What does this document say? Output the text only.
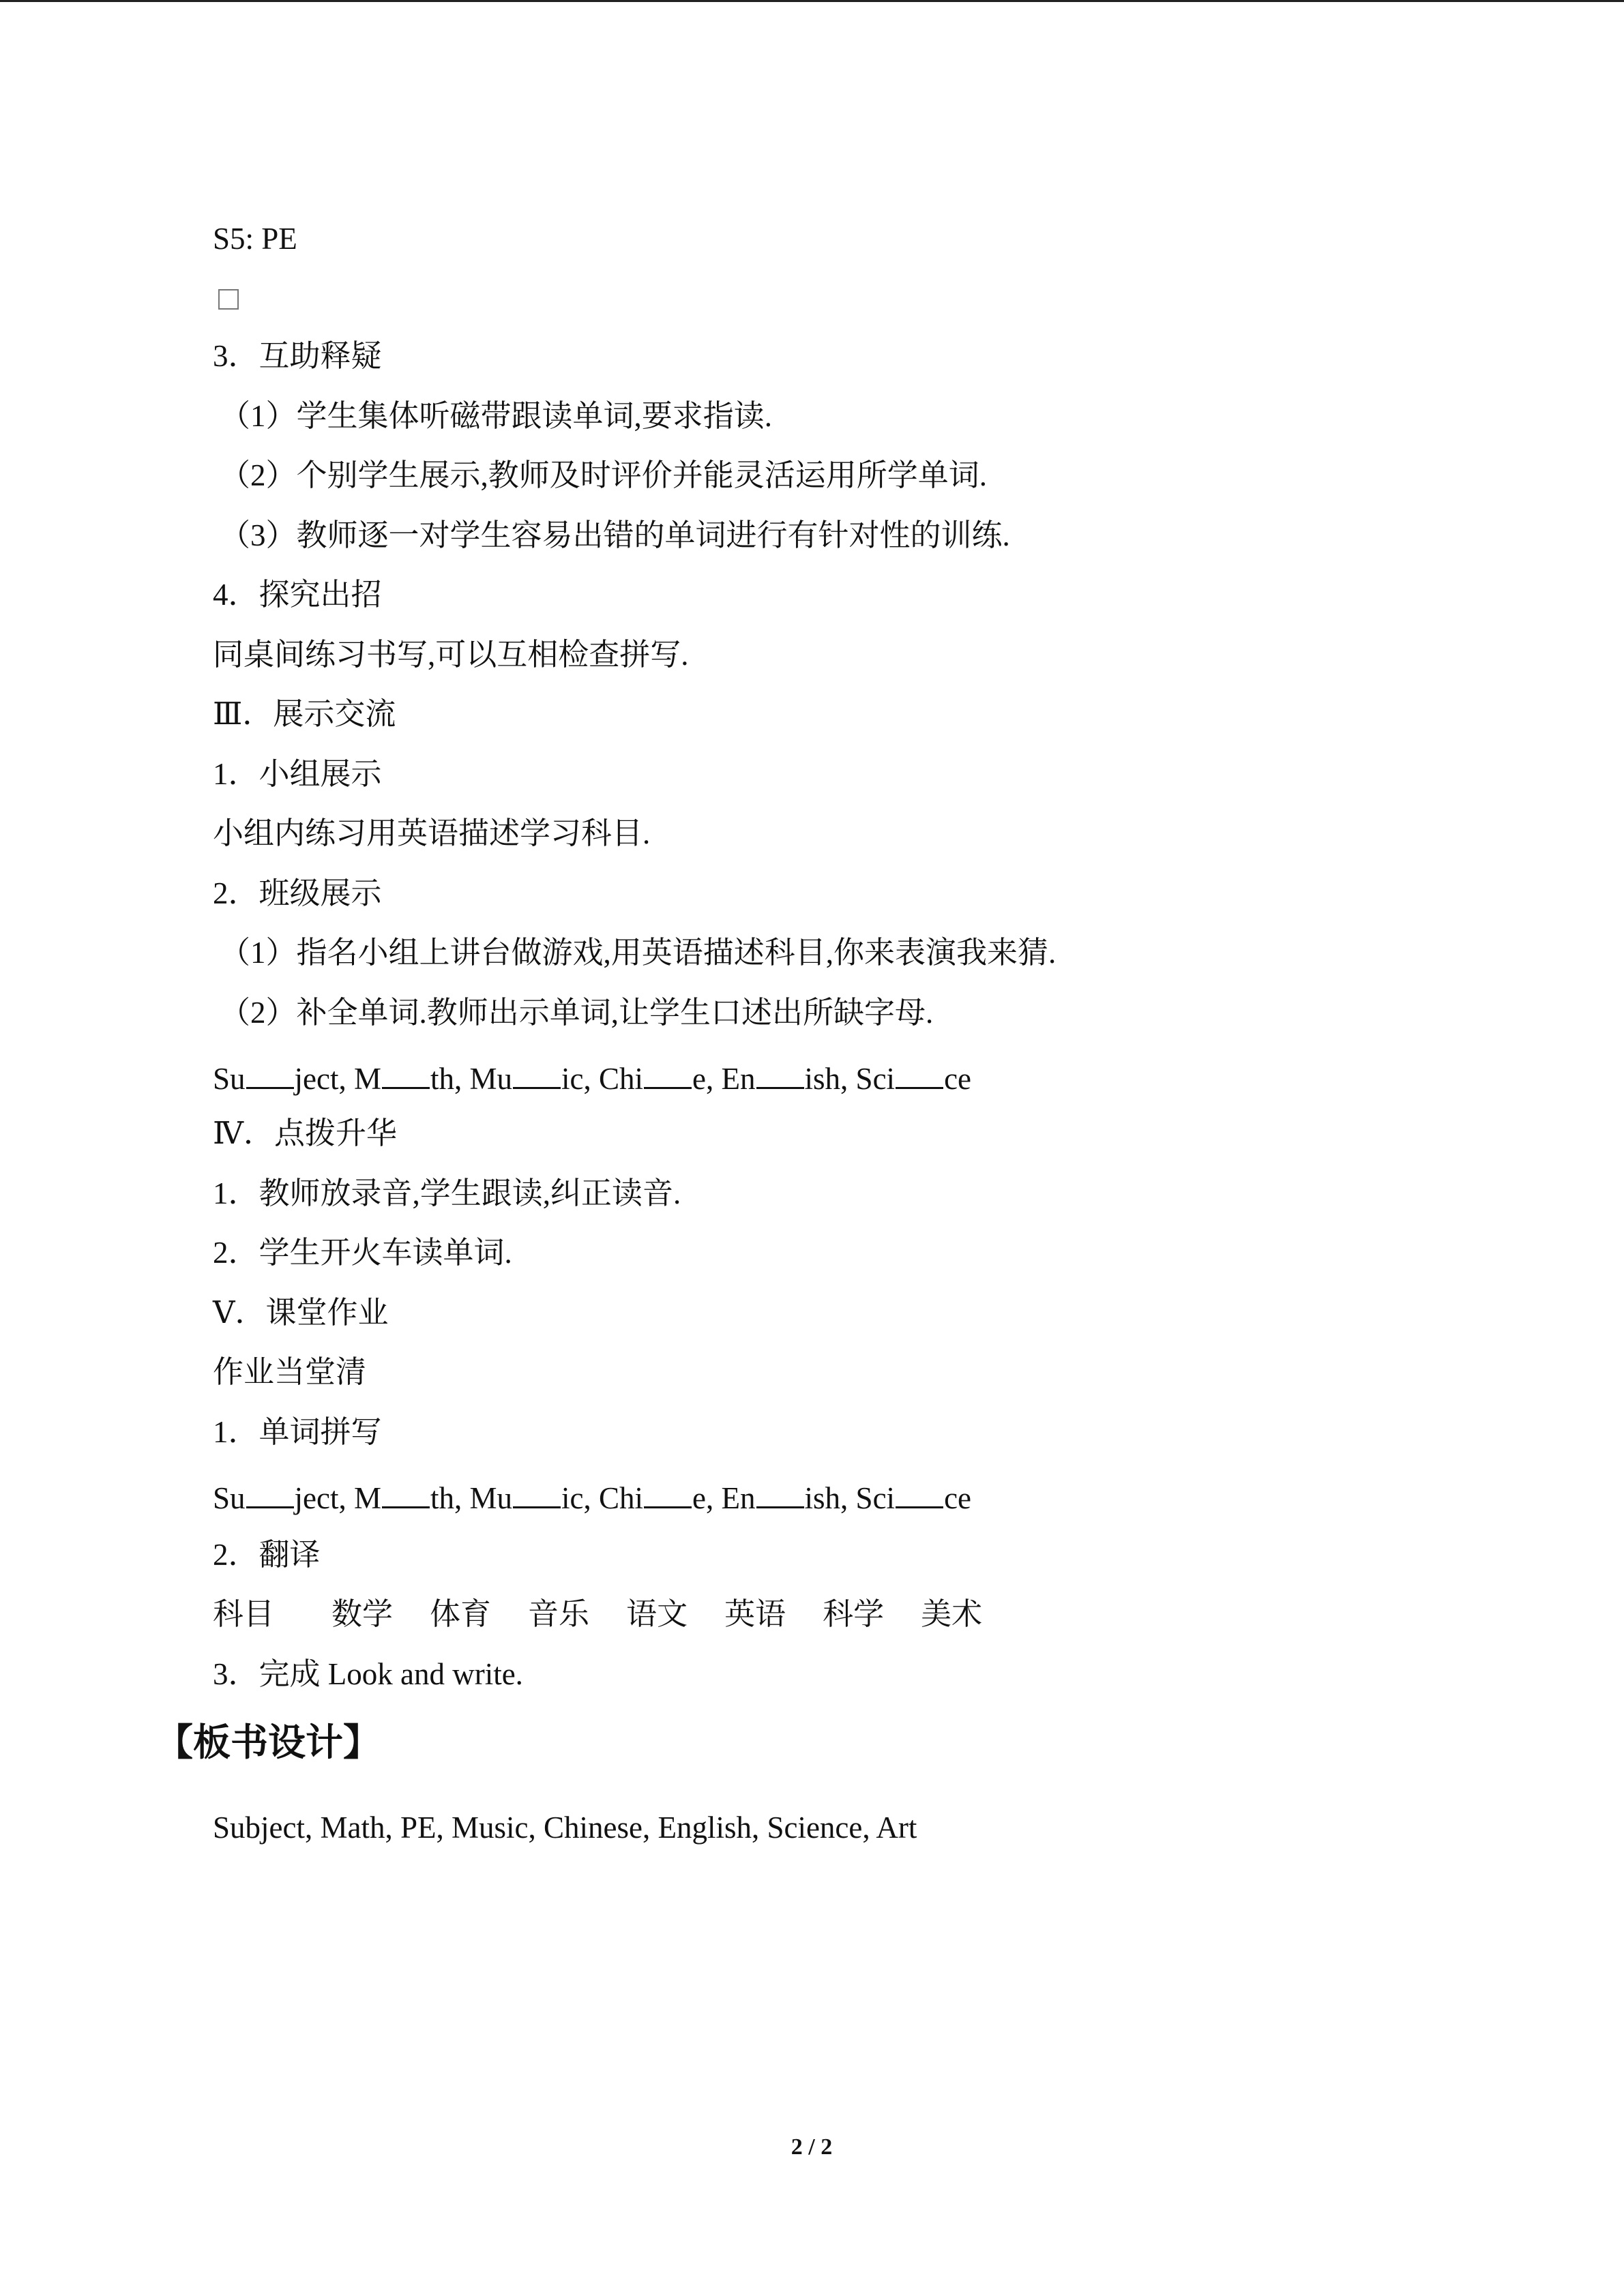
S5: PE
3．互助释疑
（1）学生集体听磁带跟读单词,要求指读.
（2）个别学生展示,教师及时评价并能灵活运用所学单词.
（3）教师逐一对学生容易出错的单词进行有针对性的训练.
4．探究出招
同桌间练习书写,可以互相检查拼写.
Ⅲ．展示交流
1．小组展示
小组内练习用英语描述学习科目.
2．班级展示
（1）指名小组上讲台做游戏,用英语描述科目,你来表演我来猜.
（2）补全单词.教师出示单词,让学生口述出所缺字母.
Su ject, M th, Mu ic, Chi e, En ish, Sci ce
Ⅳ．点拨升华
1．教师放录音,学生跟读,纠正读音.
2．学生开火车读单词.
Ⅴ．课堂作业
作业当堂清
1．单词拼写
Su ject, M th, Mu ic, Chi e, En ish, Sci ce
2．翻译
科目 数学 体育 音乐 语文 英语 科学 美术
3．完成 Look and write.
【板书设计】
Subject, Math, PE, Music, Chinese, English, Science, Art
2 / 2
